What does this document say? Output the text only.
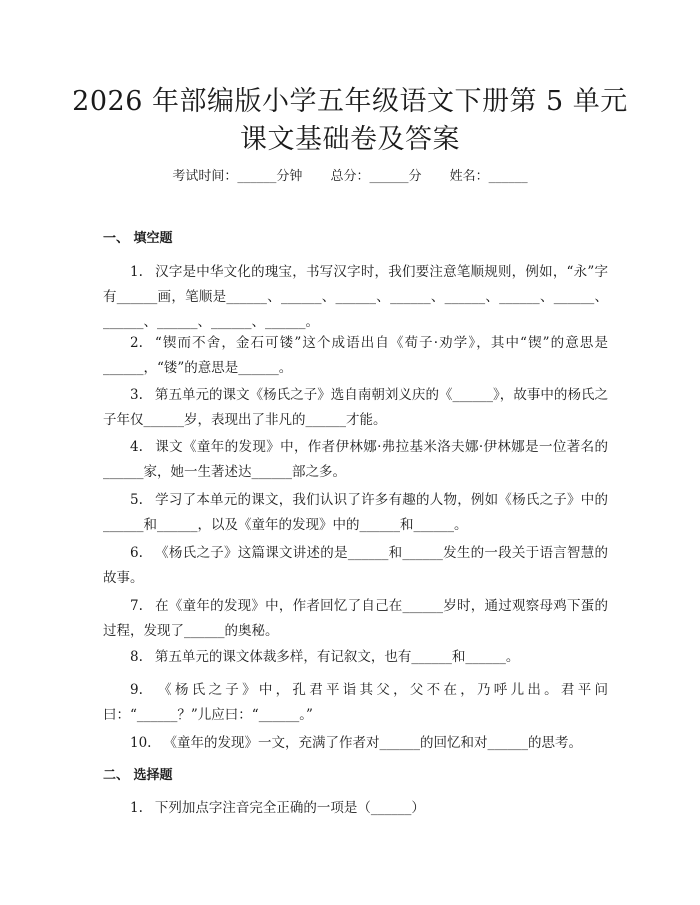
2026 年部编版小学五年级语文下册第 5 单元
课文基础卷及答案
考试时间：______分钟 总分：______分 姓名：______
一、 填空题
1. 汉字是中华文化的瑰宝，书写汉字时，我们要注意笔顺规则，例如，“永”字有______画，笔顺是______、______、______、______、______、______、______、______、______、______、______。
2. “锲而不舍，金石可镂”这个成语出自《荀子·劝学》，其中“锲”的意思是______，“镂”的意思是______。
3. 第五单元的课文《杨氏之子》选自南朝刘义庆的《______》，故事中的杨氏之子年仅______岁，表现出了非凡的______才能。
4. 课文《童年的发现》中，作者伊林娜·弗拉基米洛夫娜·伊林娜是一位著名的______家，她一生著述达______部之多。
5. 学习了本单元的课文，我们认识了许多有趣的人物，例如《杨氏之子》中的______和______，以及《童年的发现》中的______和______。
6. 《杨氏之子》这篇课文讲述的是______和______发生的一段关于语言智慧的故事。
7. 在《童年的发现》中，作者回忆了自己在______岁时，通过观察母鸡下蛋的过程，发现了______的奥秘。
8. 第五单元的课文体裁多样，有记叙文，也有______和______。
9. 《杨氏之子》中，孔君平诣其父，父不在，乃呼儿出。君平问曰：“______？”儿应曰：“______。”
10. 《童年的发现》一文，充满了作者对______的回忆和对______的思考。
二、 选择题
1. 下列加点字注音完全正确的一项是（______）
